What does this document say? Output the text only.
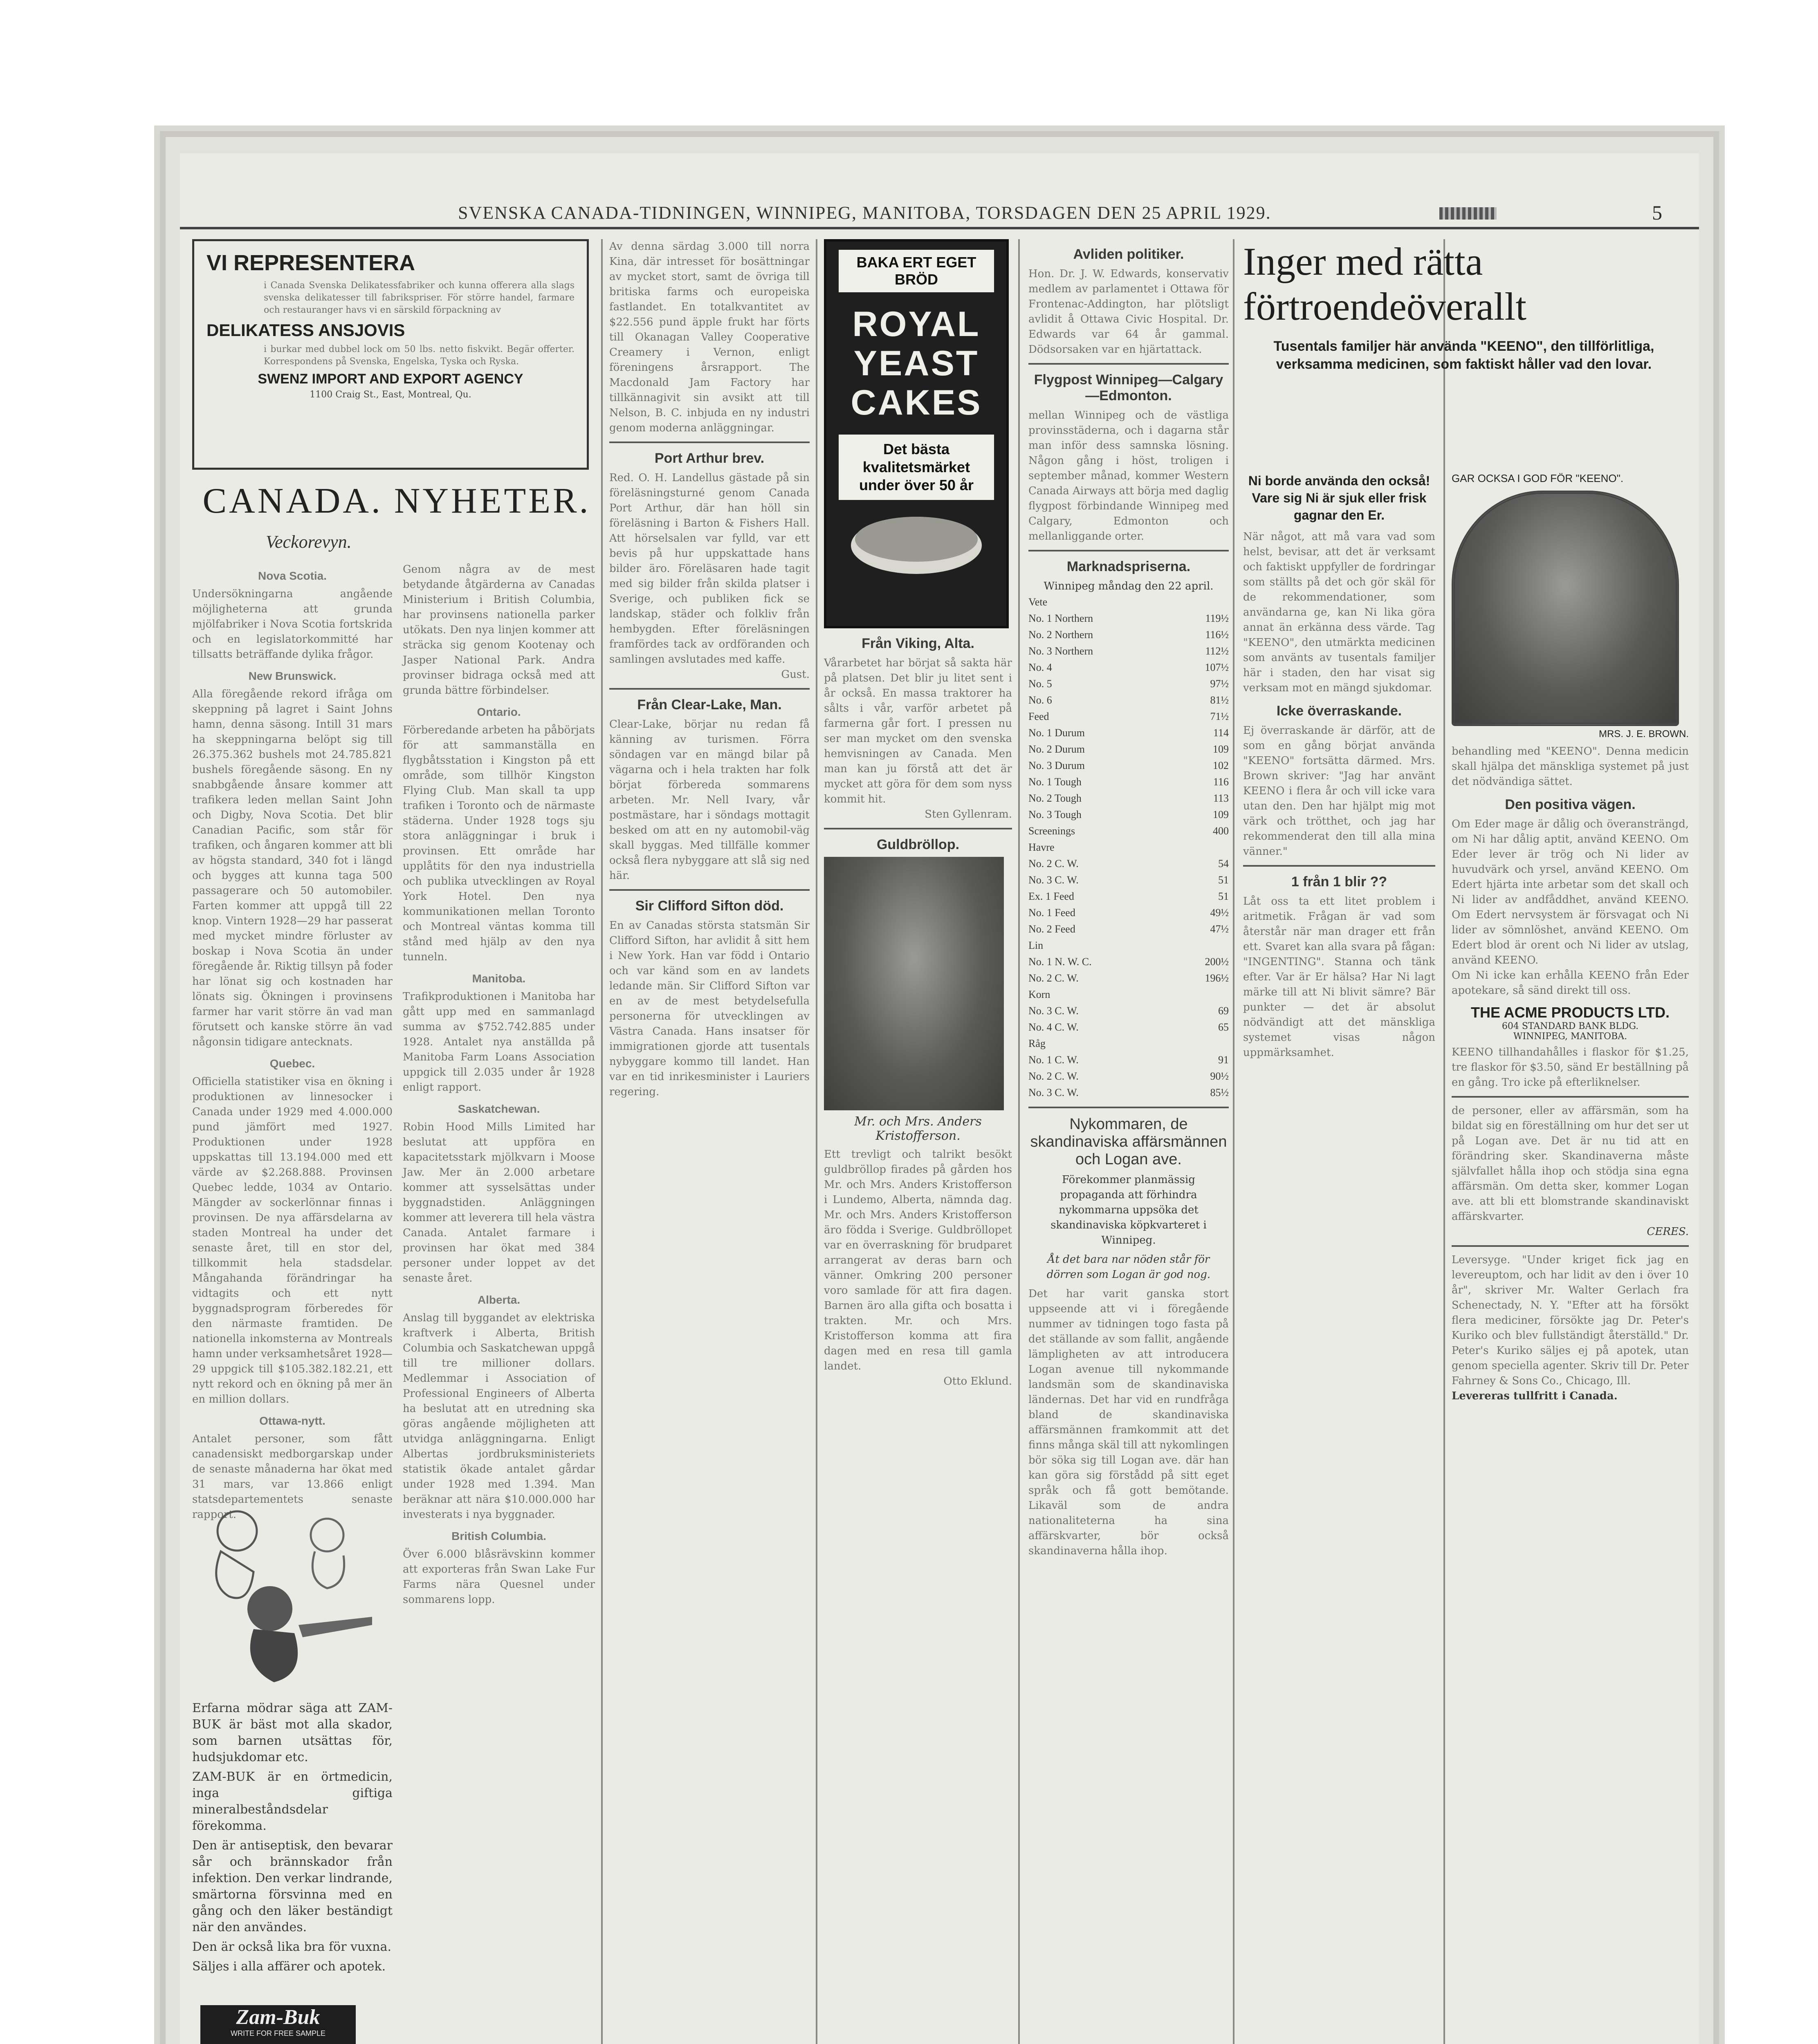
SVENSKA CANADA-TIDNINGEN, WINNIPEG, MANITOBA, TORSDAGEN DEN 25 APRIL 1929.	5
VI REPRESENTERA
i Canada Svenska Delikatessfabriker och kunna offerera alla slags svenska delikatesser till fabrikspriser. För större handel, farmare och restauranger havs vi en särskild förpackning av
DELIKATESS ANSJOVIS
i burkar med dubbel lock om 50 lbs. netto fiskvikt. Begär offerter. Korrespondens på Svenska, Engelska, Tyska och Ryska.
SWENZ IMPORT AND EXPORT AGENCY
1100 Craig St., East, Montreal, Qu.
CANADA. NYHETER.
Veckorevyn.
Nova Scotia.
Undersökningarna angående möjligheterna att grunda mjölfabriker i Nova Scotia fortskrida och en legislatorkommitté har tillsatts beträffande dylika frågor.
New Brunswick.
Alla föregående rekord ifråga om skeppning på lagret i Saint Johns hamn, denna säsong. Intill 31 mars ha skeppningarna belöpt sig till 26.375.362 bushels mot 24.785.821 bushels föregående säsong. En ny snabbgående ånsare kommer att trafikera leden mellan Saint John och Digby, Nova Scotia. Det blir Canadian Pacific, som står för trafiken, och ångaren kommer att bli av högsta standard, 340 fot i längd och bygges att kunna taga 500 passagerare och 50 automobiler. Farten kommer att uppgå till 22 knop. Vintern 1928—29 har passerat med mycket mindre förluster av boskap i Nova Scotia än under föregående år. Riktig tillsyn på foder har lönat sig och kostnaden har lönats sig. Ökningen i provinsens farmer har varit större än vad man förutsett och kanske större än vad någonsin tidigare antecknats.
Quebec.
Officiella statistiker visa en ökning i produktionen av linnesocker i Canada under 1929 med 4.000.000 pund jämfört med 1927. Produktionen under 1928 uppskattas till 13.194.000 med ett värde av $2.268.888. Provinsen Quebec ledde, 1034 av Ontario. Mängder av sockerlönnar finnas i provinsen. De nya affärsdelarna av staden Montreal ha under det senaste året, till en stor del, tillkommit hela stadsdelar. Mångahanda förändringar ha vidtagits och ett nytt byggnadsprogram förberedes för den närmaste framtiden. De nationella inkomsterna av Montreals hamn under verksamhetsåret 1928—29 uppgick till $105.382.182.21, ett nytt rekord och en ökning på mer än en million dollars.
Ottawa-nytt.
Antalet personer, som fått canadensiskt medborgarskap under de senaste månaderna har ökat med 31 mars, var 13.866 enligt statsdepartementets senaste rapport.
Erfarna mödrar säga att ZAM-BUK är bäst mot alla skador, som barnen utsättas för, hudsjukdomar etc.
ZAM-BUK är en örtmedicin, inga giftiga mineralbeståndsdelar förekomma.
Den är antiseptisk, den bevarar sår och brännskador från infektion. Den verkar lindrande, smärtorna försvinna med en gång och den läker beständigt när den användes.
Den är också lika bra för vuxna.
Säljes i alla affärer och apotek.
Zam-Buk
WRITE FOR FREE SAMPLE
Genom några av de mest betydande åtgärderna av Canadas Ministerium i British Columbia, har provinsens nationella parker utökats. Den nya linjen kommer att sträcka sig genom Kootenay och Jasper National Park. Andra provinser bidraga också med att grunda bättre förbindelser.
Ontario.
Förberedande arbeten ha påbörjats för att sammanställa en flygbåtsstation i Kingston på ett område, som tillhör Kingston Flying Club. Man skall ta upp trafiken i Toronto och de närmaste städerna. Under 1928 togs sju stora anläggningar i bruk i provinsen. Ett område har upplåtits för den nya industriella och publika utvecklingen av Royal York Hotel. Den nya kommunikationen mellan Toronto och Montreal väntas komma till stånd med hjälp av den nya tunneln.
Manitoba.
Trafikproduktionen i Manitoba har gått upp med en sammanlagd summa av $752.742.885 under 1928. Antalet nya anställda på Manitoba Farm Loans Association uppgick till 2.035 under år 1928 enligt rapport.
Saskatchewan.
Robin Hood Mills Limited har beslutat att uppföra en kapacitetsstark mjölkvarn i Moose Jaw. Mer än 2.000 arbetare kommer att sysselsättas under byggnadstiden. Anläggningen kommer att leverera till hela västra Canada. Antalet farmare i provinsen har ökat med 384 personer under loppet av det senaste året.
Alberta.
Anslag till byggandet av elektriska kraftverk i Alberta, British Columbia och Saskatchewan uppgå till tre millioner dollars. Medlemmar i Association of Professional Engineers of Alberta ha beslutat att en utredning ska göras angående möjligheten att utvidga anläggningarna. Enligt Albertas jordbruksministeriets statistik ökade antalet gårdar under 1928 med 1.394. Man beräknar att nära $10.000.000 har investerats i nya byggnader.
British Columbia.
Över 6.000 blåsrävskinn kommer att exporteras från Swan Lake Fur Farms nära Quesnel under sommarens lopp.
Av denna särdag 3.000 till norra Kina, där intresset för bosättningar av mycket stort, samt de övriga till britiska farms och europeiska fastlandet. En totalkvantitet av $22.556 pund äpple frukt har förts till Okanagan Valley Cooperative Creamery i Vernon, enligt föreningens årsrapport. The Macdonald Jam Factory har tillkännagivit sin avsikt att till Nelson, B. C. inbjuda en ny industri genom moderna anläggningar.
Port Arthur brev.
Red. O. H. Landellus gästade på sin föreläsningsturné genom Canada Port Arthur, där han höll sin föreläsning i Barton & Fishers Hall. Att hörselsalen var fylld, var ett bevis på hur uppskattade hans bilder äro. Föreläsaren hade tagit med sig bilder från skilda platser i Sverige, och publiken fick se landskap, städer och folkliv från hembygden. Efter föreläsningen framfördes tack av ordföranden och samlingen avslutades med kaffe.
Gust.
Från Clear-Lake, Man.
Clear-Lake, börjar nu redan få känning av turismen. Förra söndagen var en mängd bilar på vägarna och i hela trakten har folk börjat förbereda sommarens arbeten. Mr. Nell Ivary, vår postmästare, har i söndags mottagit besked om att en ny automobil-väg skall byggas. Med tillfälle kommer också flera nybyggare att slå sig ned här.
Sir Clifford Sifton död.
En av Canadas största statsmän Sir Clifford Sifton, har avlidit å sitt hem i New York. Han var född i Ontario och var känd som en av landets ledande män. Sir Clifford Sifton var en av de mest betydelsefulla personerna för utvecklingen av Västra Canada. Hans insatser för immigrationen gjorde att tusentals nybyggare kommo till landet. Han var en tid inrikesminister i Lauriers regering.
BAKA ERT EGET BRÖD
ROYAL YEAST CAKES
Det bästa kvalitetsmärket under över 50 år
Från Viking, Alta.
Vårarbetet har börjat så sakta här på platsen. Det blir ju litet sent i år också. En massa traktorer ha sålts i vår, varför arbetet på farmerna går fort. I pressen nu ser man mycket om den svenska hemvisningen av Canada. Men man kan ju förstå att det är mycket att göra för dem som nyss kommit hit.
Sten Gyllenram.
Guldbröllop.
Mr. och Mrs. Anders Kristofferson.
Ett trevligt och talrikt besökt guldbröllop firades på gården hos Mr. och Mrs. Anders Kristofferson i Lundemo, Alberta, nämnda dag. Mr. och Mrs. Anders Kristofferson äro födda i Sverige. Guldbröllopet var en överraskning för brudparet arrangerat av deras barn och vänner. Omkring 200 personer voro samlade för att fira dagen. Barnen äro alla gifta och bosatta i trakten. Mr. och Mrs. Kristofferson komma att fira dagen med en resa till gamla landet.
Otto Eklund.
Avliden politiker.
Hon. Dr. J. W. Edwards, konservativ medlem av parlamentet i Ottawa för Frontenac-Addington, har plötsligt avlidit å Ottawa Civic Hospital. Dr. Edwards var 64 år gammal. Dödsorsaken var en hjärtattack.
Flygpost Winnipeg—Calgary —Edmonton.
mellan Winnipeg och de västliga provinsstäderna, och i dagarna står man inför dess samnska lösning. Någon gång i höst, troligen i september månad, kommer Western Canada Airways att börja med daglig flygpost förbindande Winnipeg med Calgary, Edmonton och mellanliggande orter.
Marknadspriserna.
Winnipeg måndag den 22 april.
Vete
No. 1 Northern	119½
No. 2 Northern	116½
No. 3 Northern	112½
No. 4	107½
No. 5	97½
No. 6	81½
Feed	71½
No. 1 Durum	114
No. 2 Durum	109
No. 3 Durum	102
No. 1 Tough	116
No. 2 Tough	113
No. 3 Tough	109
Screenings	400
Havre
No. 2 C. W.	54
No. 3 C. W.	51
Ex. 1 Feed	51
No. 1 Feed	49½
No. 2 Feed	47½
Lin
No. 1 N. W. C.	200½
No. 2 C. W.	196½
Korn
No. 3 C. W.	69
No. 4 C. W.	65
Råg
No. 1 C. W.	91
No. 2 C. W.	90½
No. 3 C. W.	85½
Nykommaren, de skandinaviska affärsmännen och Logan ave.
Förekommer planmässig propaganda att förhindra nykommarna uppsöka det skandinaviska köpkvarteret i Winnipeg.
Åt det bara nar nöden står för dörren som Logan är god nog.
Det har varit ganska stort uppseende att vi i föregående nummer av tidningen togo fasta på det ställande av som fallit, angående lämpligheten av att introducera Logan avenue till nykommande landsmän som de skandinaviska ländernas. Det har vid en rundfråga bland de skandinaviska affärsmännen framkommit att det finns många skäl till att nykomlingen bör söka sig till Logan ave. där han kan göra sig förstådd på sitt eget språk och få gott bemötande. Likaväl som de andra nationaliteterna ha sina affärskvarter, bör också skandinaverna hålla ihop.
Inger med rätta
förtroendeöverallt
Tusentals familjer här använda "KEENO", den tillförlitliga, verksamma medicinen, som faktiskt håller vad den lovar.
Ni borde använda den också! Vare sig Ni är sjuk eller frisk gagnar den Er.
När något, att må vara vad som helst, bevisar, att det är verksamt och faktiskt uppfyller de fordringar som ställts på det och gör skäl för de rekommendationer, som användarna ge, kan Ni lika göra annat än erkänna dess värde. Tag "KEENO", den utmärkta medicinen som använts av tusentals familjer här i staden, den har visat sig verksam mot en mängd sjukdomar.
Icke överraskande.
Ej överraskande är därför, att de som en gång börjat använda "KEENO" fortsätta därmed. Mrs. Brown skriver: "Jag har använt KEENO i flera år och vill icke vara utan den. Den har hjälpt mig mot värk och trötthet, och jag har rekommenderat den till alla mina vänner."
1 från 1 blir ??
Låt oss ta ett litet problem i aritmetik. Frågan är vad som återstår när man drager ett från ett. Svaret kan alla svara på fågan: "INGENTING". Stanna och tänk efter. Var är Er hälsa? Har Ni lagt märke till att Ni blivit sämre? Bär punkter — det är absolut nödvändigt att det mänskliga systemet visas någon uppmärksamhet.
GAR OCKSA I GOD FÖR "KEENO".
MRS. J. E. BROWN.
behandling med "KEENO". Denna medicin skall hjälpa det mänskliga systemet på just det nödvändiga sättet.
Den positiva vägen.
Om Eder mage är dålig och överansträngd, om Ni har dålig aptit, använd KEENO. Om Eder lever är trög och Ni lider av huvudvärk och yrsel, använd KEENO. Om Edert hjärta inte arbetar som det skall och Ni lider av andfåddhet, använd KEENO. Om Edert nervsystem är försvagat och Ni lider av sömnlöshet, använd KEENO. Om Edert blod är orent och Ni lider av utslag, använd KEENO.
Om Ni icke kan erhålla KEENO från Eder apotekare, så sänd direkt till oss.
THE ACME PRODUCTS LTD.
604 STANDARD BANK BLDG.
WINNIPEG, MANITOBA.
KEENO tillhandahålles i flaskor för $1.25, tre flaskor för $3.50, sänd Er beställning på en gång. Tro icke på efterliknelser.
de personer, eller av affärsmän, som ha bildat sig en föreställning om hur det ser ut på Logan ave. Det är nu tid att en förändring sker. Skandinaverna måste självfallet hålla ihop och stödja sina egna affärsmän. Om detta sker, kommer Logan ave. att bli ett blomstrande skandinaviskt affärskvarter.
CERES.
Leversyge. "Under kriget fick jag en levereuptom, och har lidit av den i över 10 år", skriver Mr. Walter Gerlach fra Schenectady, N. Y. "Efter att ha försökt flera mediciner, försökte jag Dr. Peter's Kuriko och blev fullständigt återställd." Dr. Peter's Kuriko säljes ej på apotek, utan genom speciella agenter. Skriv till Dr. Peter Fahrney & Sons Co., Chicago, Ill.
Levereras tullfritt i Canada.
